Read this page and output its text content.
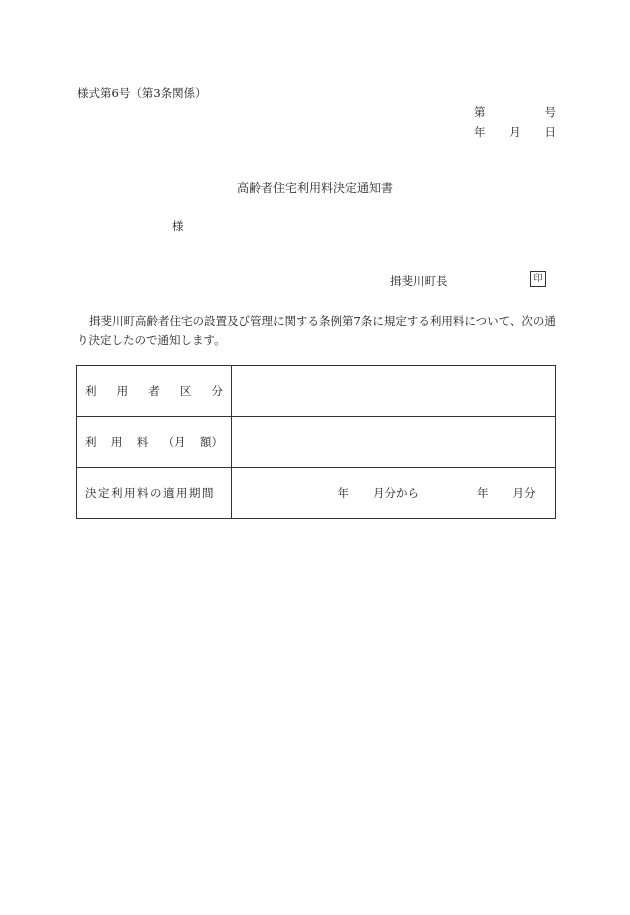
様式第6号（第3条関係）
第	号
年 月 日
高齢者住宅利用料決定通知書
様
揖斐川町長	印
揖斐川町高齢者住宅の設置及び管理に関する条例第7条に規定する利用料について、次の通り決定したので通知します。
利 用 者 区 分	

利 用 料 （月 額）	

決定利用料の適用期間	年 月分から 年 月分
